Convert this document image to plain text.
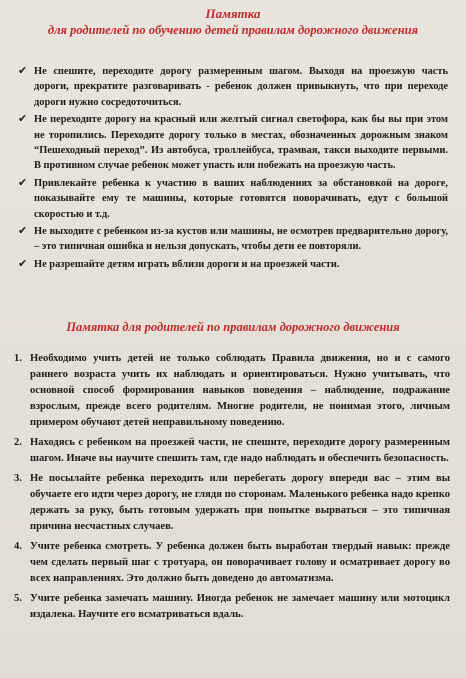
Памятка
для родителей по обучению детей правилам дорожного движения
✔ Не спешите, переходите дорогу размеренным шагом. Выходя на проезжую часть дороги, прекратите разговаривать - ребенок должен привыкнуть, что при переходе дороги нужно сосредоточиться.
✔ Не переходите дорогу на красный или желтый сигнал светофора, как бы вы при этом не торопились. Переходите дорогу только в местах, обозначенных дорожным знаком “Пешеходный переход”. Из автобуса, троллейбуса, трамвая, такси выходите первыми. В противном случае ребенок может упасть или побежать на проезжую часть.
✔ Привлекайте ребенка к участию в ваших наблюдениях за обстановкой на дороге, показывайте ему те машины, которые готовятся поворачивать, едут с большой скоростью и т.д.
✔ Не выходите с ребенком из-за кустов или машины, не осмотрев предварительно дорогу, – это типичная ошибка и нельзя допускать, чтобы дети ее повторяли.
✔ Не разрешайте детям играть вблизи дороги и на проезжей части.
Памятка для родителей по правилам дорожного движения
1. Необходимо учить детей не только соблюдать Правила движения, но и с самого раннего возраста учить их наблюдать и ориентироваться. Нужно учитывать, что основной способ формирования навыков поведения – наблюдение, подражание взрослым, прежде всего родителям. Многие родители, не понимая этого, личным примером обучают детей неправильному поведению.
2. Находясь с ребенком на проезжей части, не спешите, переходите дорогу размеренным шагом. Иначе вы научите спешить там, где надо наблюдать и обеспечить безопасность.
3. Не посылайте ребенка переходить или перебегать дорогу впереди вас – этим вы обучаете его идти через дорогу, не глядя по сторонам. Маленького ребенка надо крепко держать за руку, быть готовым удержать при попытке вырваться – это типичная причина несчастных случаев.
4. Учите ребенка смотреть. У ребенка должен быть выработан твердый навык: прежде чем сделать первый шаг с тротуара, он поворачивает голову и осматривает дорогу во всех направлениях. Это должно быть доведено до автоматизма.
5. Учите ребенка замечать машину. Иногда ребенок не замечает машину или мотоцикл издалека. Научите его всматриваться вдаль.
